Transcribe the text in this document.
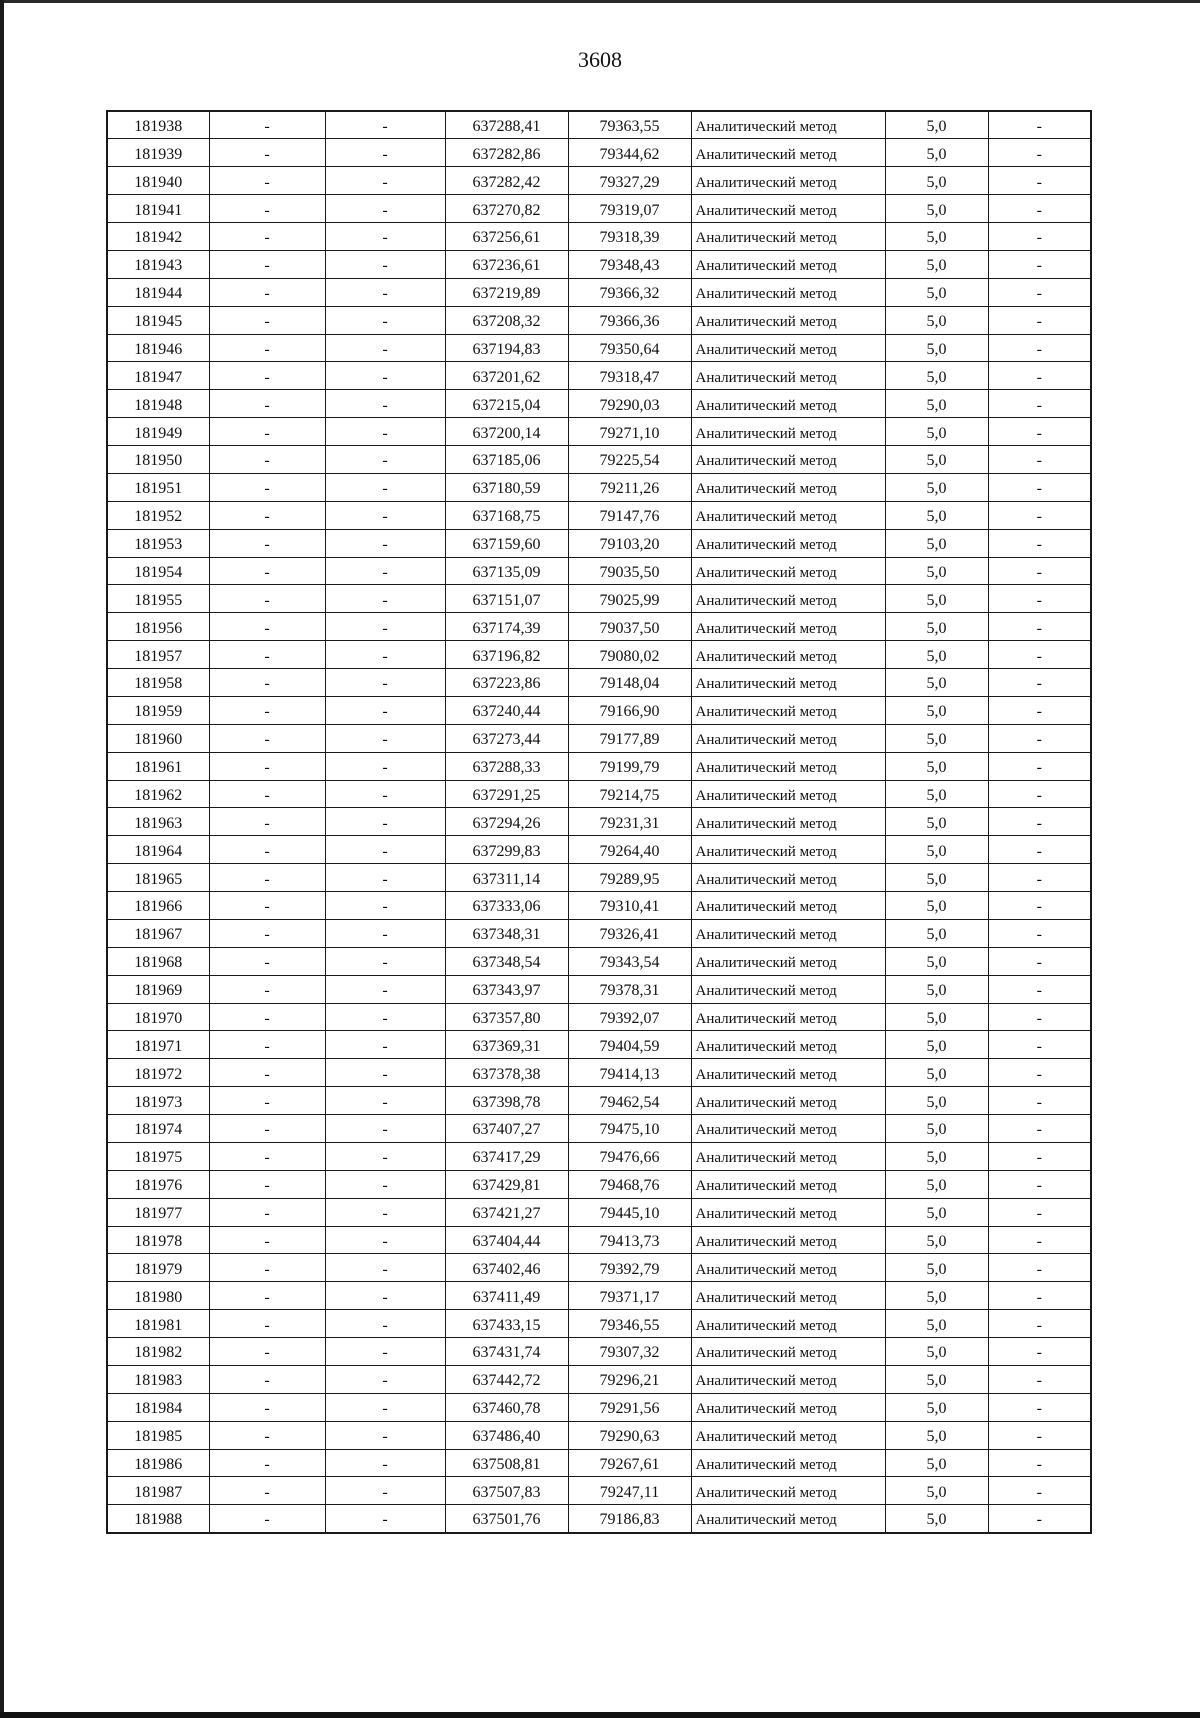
3608
181938	-	-	637288,41	79363,55	Аналитический метод	5,0	-
181939	-	-	637282,86	79344,62	Аналитический метод	5,0	-
181940	-	-	637282,42	79327,29	Аналитический метод	5,0	-
181941	-	-	637270,82	79319,07	Аналитический метод	5,0	-
181942	-	-	637256,61	79318,39	Аналитический метод	5,0	-
181943	-	-	637236,61	79348,43	Аналитический метод	5,0	-
181944	-	-	637219,89	79366,32	Аналитический метод	5,0	-
181945	-	-	637208,32	79366,36	Аналитический метод	5,0	-
181946	-	-	637194,83	79350,64	Аналитический метод	5,0	-
181947	-	-	637201,62	79318,47	Аналитический метод	5,0	-
181948	-	-	637215,04	79290,03	Аналитический метод	5,0	-
181949	-	-	637200,14	79271,10	Аналитический метод	5,0	-
181950	-	-	637185,06	79225,54	Аналитический метод	5,0	-
181951	-	-	637180,59	79211,26	Аналитический метод	5,0	-
181952	-	-	637168,75	79147,76	Аналитический метод	5,0	-
181953	-	-	637159,60	79103,20	Аналитический метод	5,0	-
181954	-	-	637135,09	79035,50	Аналитический метод	5,0	-
181955	-	-	637151,07	79025,99	Аналитический метод	5,0	-
181956	-	-	637174,39	79037,50	Аналитический метод	5,0	-
181957	-	-	637196,82	79080,02	Аналитический метод	5,0	-
181958	-	-	637223,86	79148,04	Аналитический метод	5,0	-
181959	-	-	637240,44	79166,90	Аналитический метод	5,0	-
181960	-	-	637273,44	79177,89	Аналитический метод	5,0	-
181961	-	-	637288,33	79199,79	Аналитический метод	5,0	-
181962	-	-	637291,25	79214,75	Аналитический метод	5,0	-
181963	-	-	637294,26	79231,31	Аналитический метод	5,0	-
181964	-	-	637299,83	79264,40	Аналитический метод	5,0	-
181965	-	-	637311,14	79289,95	Аналитический метод	5,0	-
181966	-	-	637333,06	79310,41	Аналитический метод	5,0	-
181967	-	-	637348,31	79326,41	Аналитический метод	5,0	-
181968	-	-	637348,54	79343,54	Аналитический метод	5,0	-
181969	-	-	637343,97	79378,31	Аналитический метод	5,0	-
181970	-	-	637357,80	79392,07	Аналитический метод	5,0	-
181971	-	-	637369,31	79404,59	Аналитический метод	5,0	-
181972	-	-	637378,38	79414,13	Аналитический метод	5,0	-
181973	-	-	637398,78	79462,54	Аналитический метод	5,0	-
181974	-	-	637407,27	79475,10	Аналитический метод	5,0	-
181975	-	-	637417,29	79476,66	Аналитический метод	5,0	-
181976	-	-	637429,81	79468,76	Аналитический метод	5,0	-
181977	-	-	637421,27	79445,10	Аналитический метод	5,0	-
181978	-	-	637404,44	79413,73	Аналитический метод	5,0	-
181979	-	-	637402,46	79392,79	Аналитический метод	5,0	-
181980	-	-	637411,49	79371,17	Аналитический метод	5,0	-
181981	-	-	637433,15	79346,55	Аналитический метод	5,0	-
181982	-	-	637431,74	79307,32	Аналитический метод	5,0	-
181983	-	-	637442,72	79296,21	Аналитический метод	5,0	-
181984	-	-	637460,78	79291,56	Аналитический метод	5,0	-
181985	-	-	637486,40	79290,63	Аналитический метод	5,0	-
181986	-	-	637508,81	79267,61	Аналитический метод	5,0	-
181987	-	-	637507,83	79247,11	Аналитический метод	5,0	-
181988	-	-	637501,76	79186,83	Аналитический метод	5,0	-
